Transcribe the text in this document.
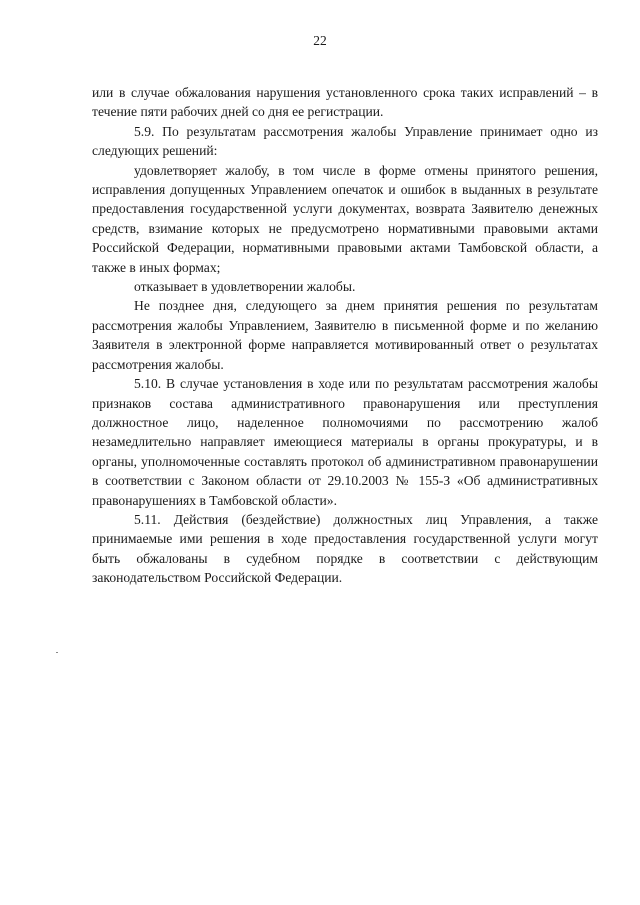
22

или в случае обжалования нарушения установленного срока таких исправлений – в течение пяти рабочих дней со дня ее регистрации.

5.9. По результатам рассмотрения жалобы Управление принимает одно из следующих решений:

удовлетворяет жалобу, в том числе в форме отмены принятого решения, исправления допущенных Управлением опечаток и ошибок в выданных в результате предоставления государственной услуги документах, возврата Заявителю денежных средств, взимание которых не предусмотрено нормативными правовыми актами Российской Федерации, нормативными правовыми актами Тамбовской области, а также в иных формах;

отказывает в удовлетворении жалобы.

Не позднее дня, следующего за днем принятия решения по результатам рассмотрения жалобы Управлением, Заявителю в письменной форме и по желанию Заявителя в электронной форме направляется мотивированный ответ о результатах рассмотрения жалобы.

5.10. В случае установления в ходе или по результатам рассмотрения жалобы признаков состава административного правонарушения или преступления должностное лицо, наделенное полномочиями по рассмотрению жалоб незамедлительно направляет имеющиеся материалы в органы прокуратуры, и в органы, уполномоченные составлять протокол об административном правонарушении в соответствии с Законом области от 29.10.2003 № 155-З «Об административных правонарушениях в Тамбовской области».

5.11. Действия (бездействие) должностных лиц Управления, а также принимаемые ими решения в ходе предоставления государственной услуги могут быть обжалованы в судебном порядке в соответствии с действующим законодательством Российской Федерации.
